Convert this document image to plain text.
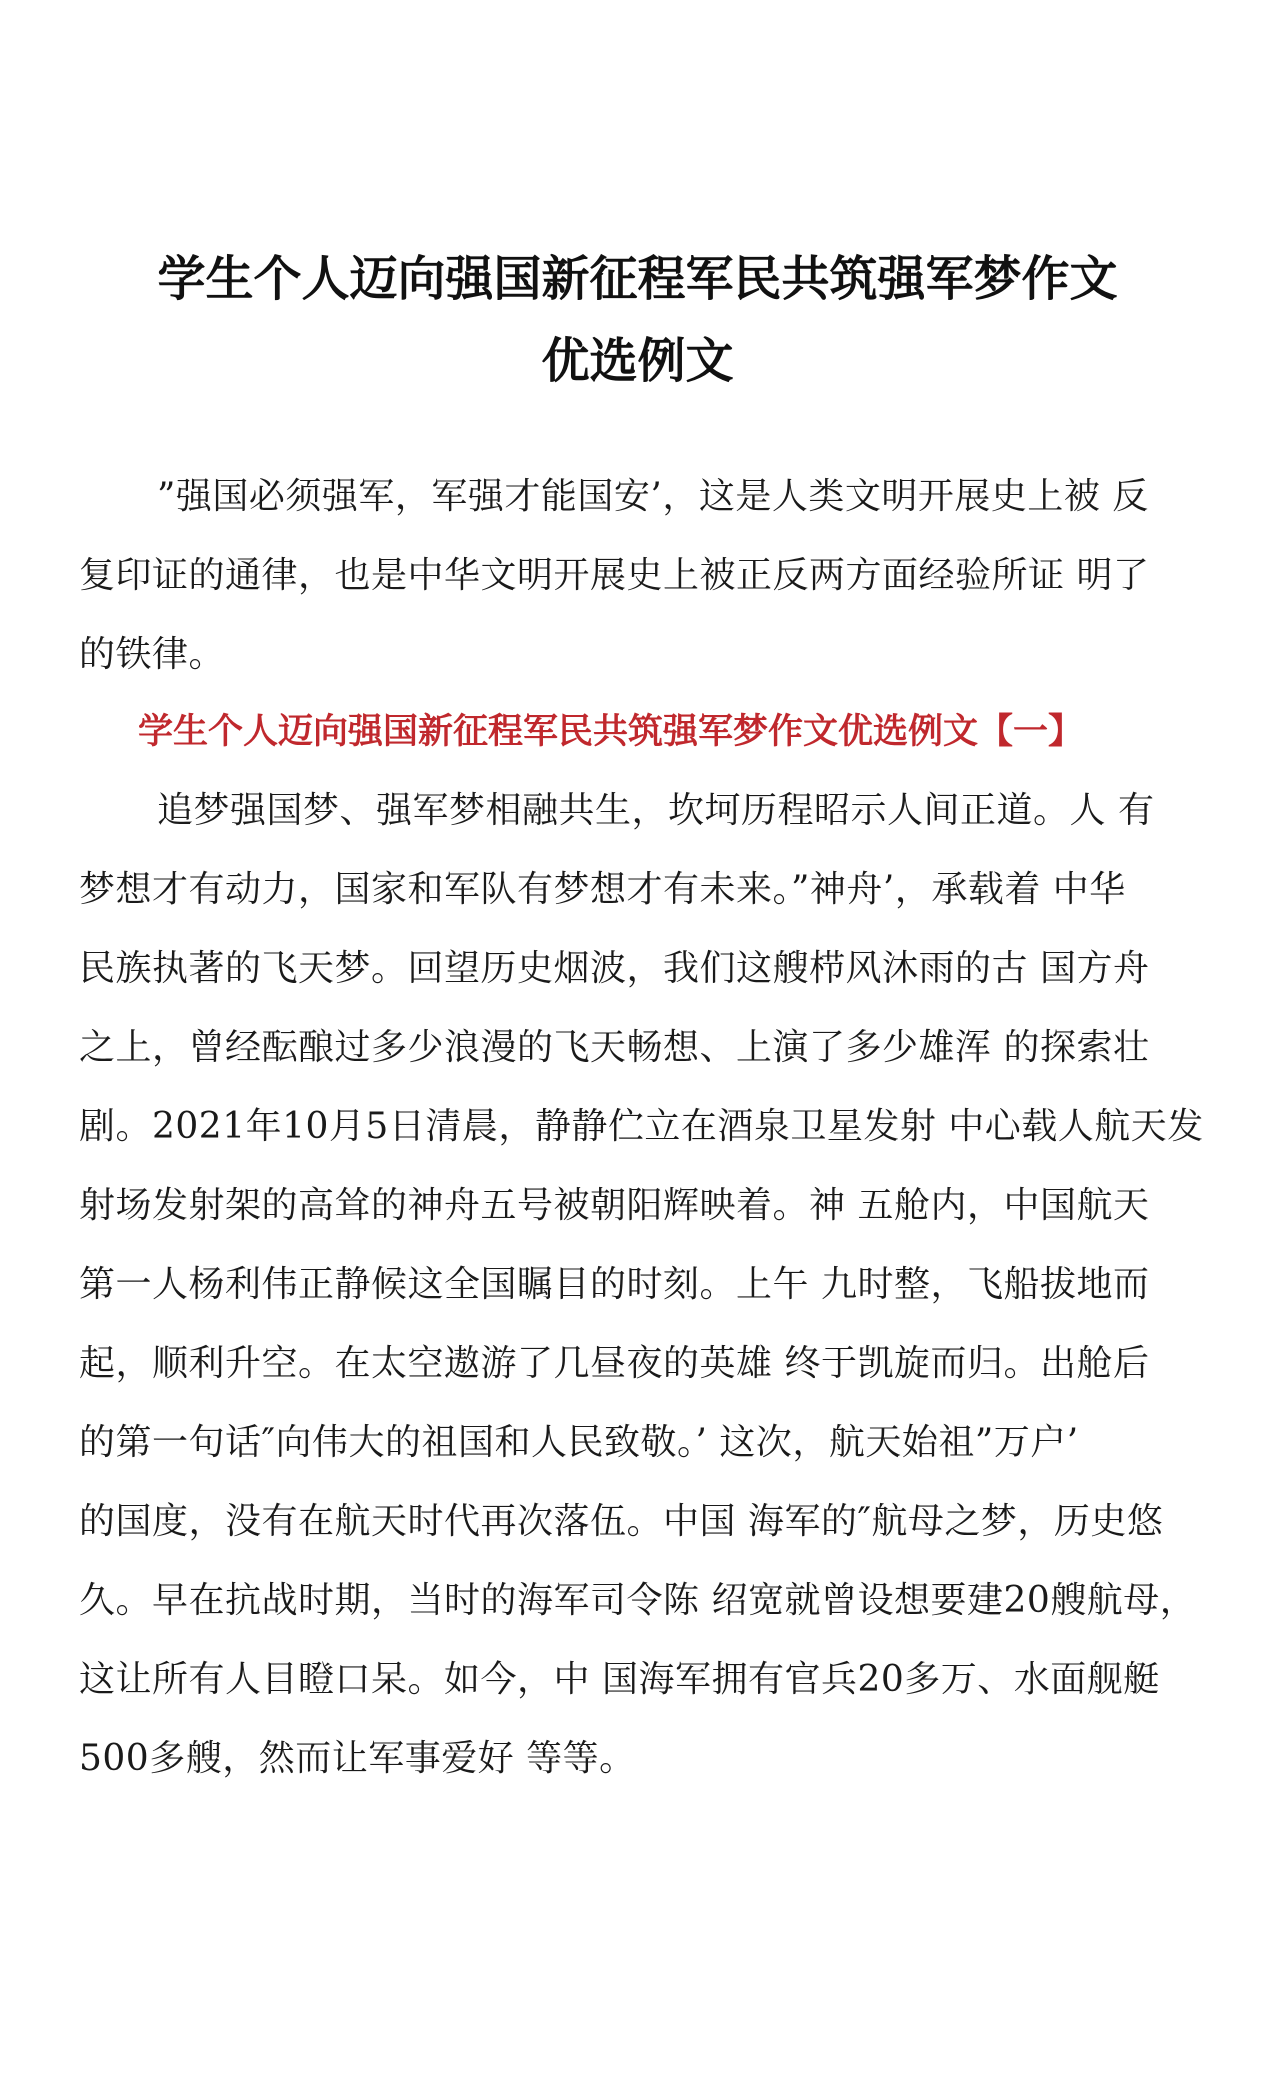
学生个人迈向强国新征程军民共筑强军梦作文
优选例文

”强国必须强军，军强才能国安’，这是人类文明开展史上被 反

复印证的通律，也是中华文明开展史上被正反两方面经验所证 明了

的铁律。

学生个人迈向强国新征程军民共筑强军梦作文优选例文【一】

追梦强国梦、强军梦相融共生，坎坷历程昭示人间正道。人 有

梦想才有动力，国家和军队有梦想才有未来。”神舟’，承载着 中华

民族执著的飞天梦。回望历史烟波，我们这艘栉风沐雨的古 国方舟

之上，曾经酝酿过多少浪漫的飞天畅想、上演了多少雄浑 的探索壮

剧。2021年10月5日清晨，静静伫立在酒泉卫星发射 中心载人航天发

射场发射架的高耸的神舟五号被朝阳辉映着。神 五舱内，中国航天

第一人杨利伟正静候这全国瞩目的时刻。上午 九时整，飞船拔地而

起，顺利升空。在太空遨游了几昼夜的英雄 终于凯旋而归。出舱后

的第一句话″向伟大的祖国和人民致敬。’ 这次，航天始祖”万户’

的国度，没有在航天时代再次落伍。中国 海军的″航母之梦，历史悠

久。早在抗战时期，当时的海军司令陈 绍宽就曾设想要建20艘航母，

这让所有人目瞪口呆。如今，中 国海军拥有官兵20多万、水面舰艇

500多艘，然而让军事爱好 等等。
